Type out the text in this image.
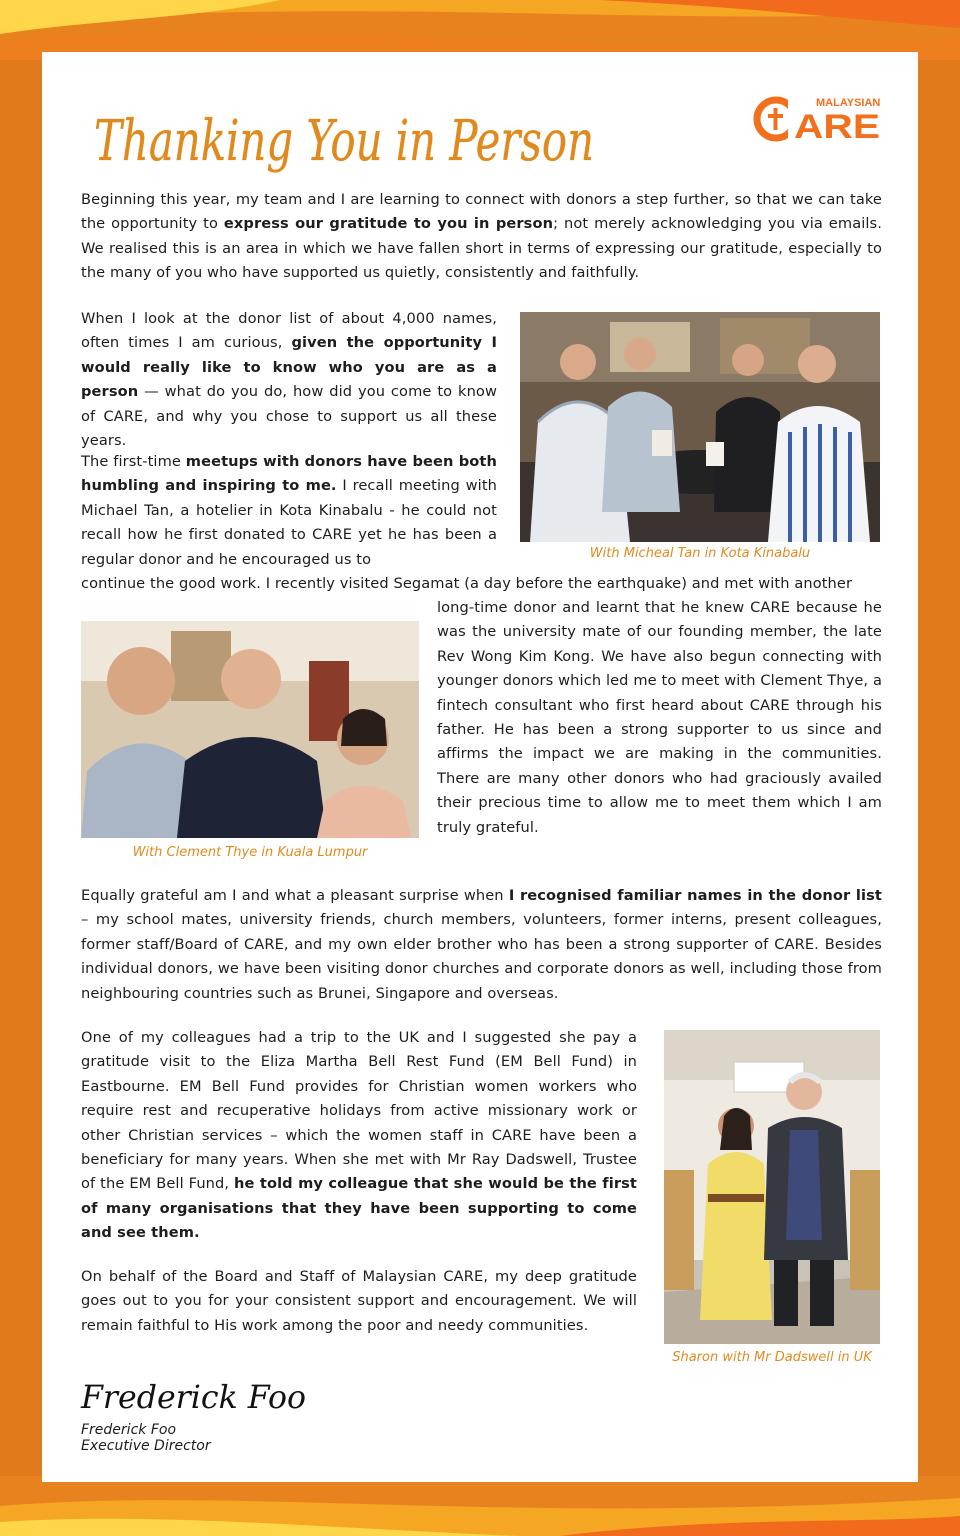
Thanking You in Person
MALAYSIAN
ARE
Beginning this year, my team and I are learning to connect with donors a step further, so that we can take the opportunity to express our gratitude to you in person; not merely acknowledging you via emails. We realised this is an area in which we have fallen short in terms of expressing our gratitude, especially to the many of you who have supported us quietly, consistently and faithfully.
When I look at the donor list of about 4,000 names, often times I am curious, given the opportunity I would really like to know who you are as a person — what do you do, how did you come to know of CARE, and why you chose to support us all these years.
With Micheal Tan in Kota Kinabalu
The first-time meetups with donors have been both humbling and inspiring to me. I recall meeting with Michael Tan, a hotelier in Kota Kinabalu - he could not recall how he first donated to CARE yet he has been a regular donor and he encouraged us to
continue the good work. I recently visited Segamat (a day before the earthquake) and met with another
long-time donor and learnt that he knew CARE because he was the university mate of our founding member, the late Rev Wong Kim Kong. We have also begun connecting with younger donors which led me to meet with Clement Thye, a fintech consultant who first heard about CARE through his father. He has been a strong supporter to us since and affirms the impact we are making in the communities. There are many other donors who had graciously availed their precious time to allow me to meet them which I am truly grateful.
With Clement Thye in Kuala Lumpur
Equally grateful am I and what a pleasant surprise when I recognised familiar names in the donor list – my school mates, university friends, church members, volunteers, former interns, present colleagues, former staff/Board of CARE, and my own elder brother who has been a strong supporter of CARE. Besides individual donors, we have been visiting donor churches and corporate donors as well, including those from neighbouring countries such as Brunei, Singapore and overseas.
One of my colleagues had a trip to the UK and I suggested she pay a gratitude visit to the Eliza Martha Bell Rest Fund (EM Bell Fund) in Eastbourne. EM Bell Fund provides for Christian women workers who require rest and recuperative holidays from active missionary work or other Christian services – which the women staff in CARE have been a beneficiary for many years. When she met with Mr Ray Dadswell, Trustee of the EM Bell Fund, he told my colleague that she would be the first of many organisations that they have been supporting to come and see them.
Sharon with Mr Dadswell in UK
On behalf of the Board and Staff of Malaysian CARE, my deep gratitude goes out to you for your consistent support and encouragement. We will remain faithful to His work among the poor and needy communities.
Frederick Foo
Frederick Foo
Executive Director
